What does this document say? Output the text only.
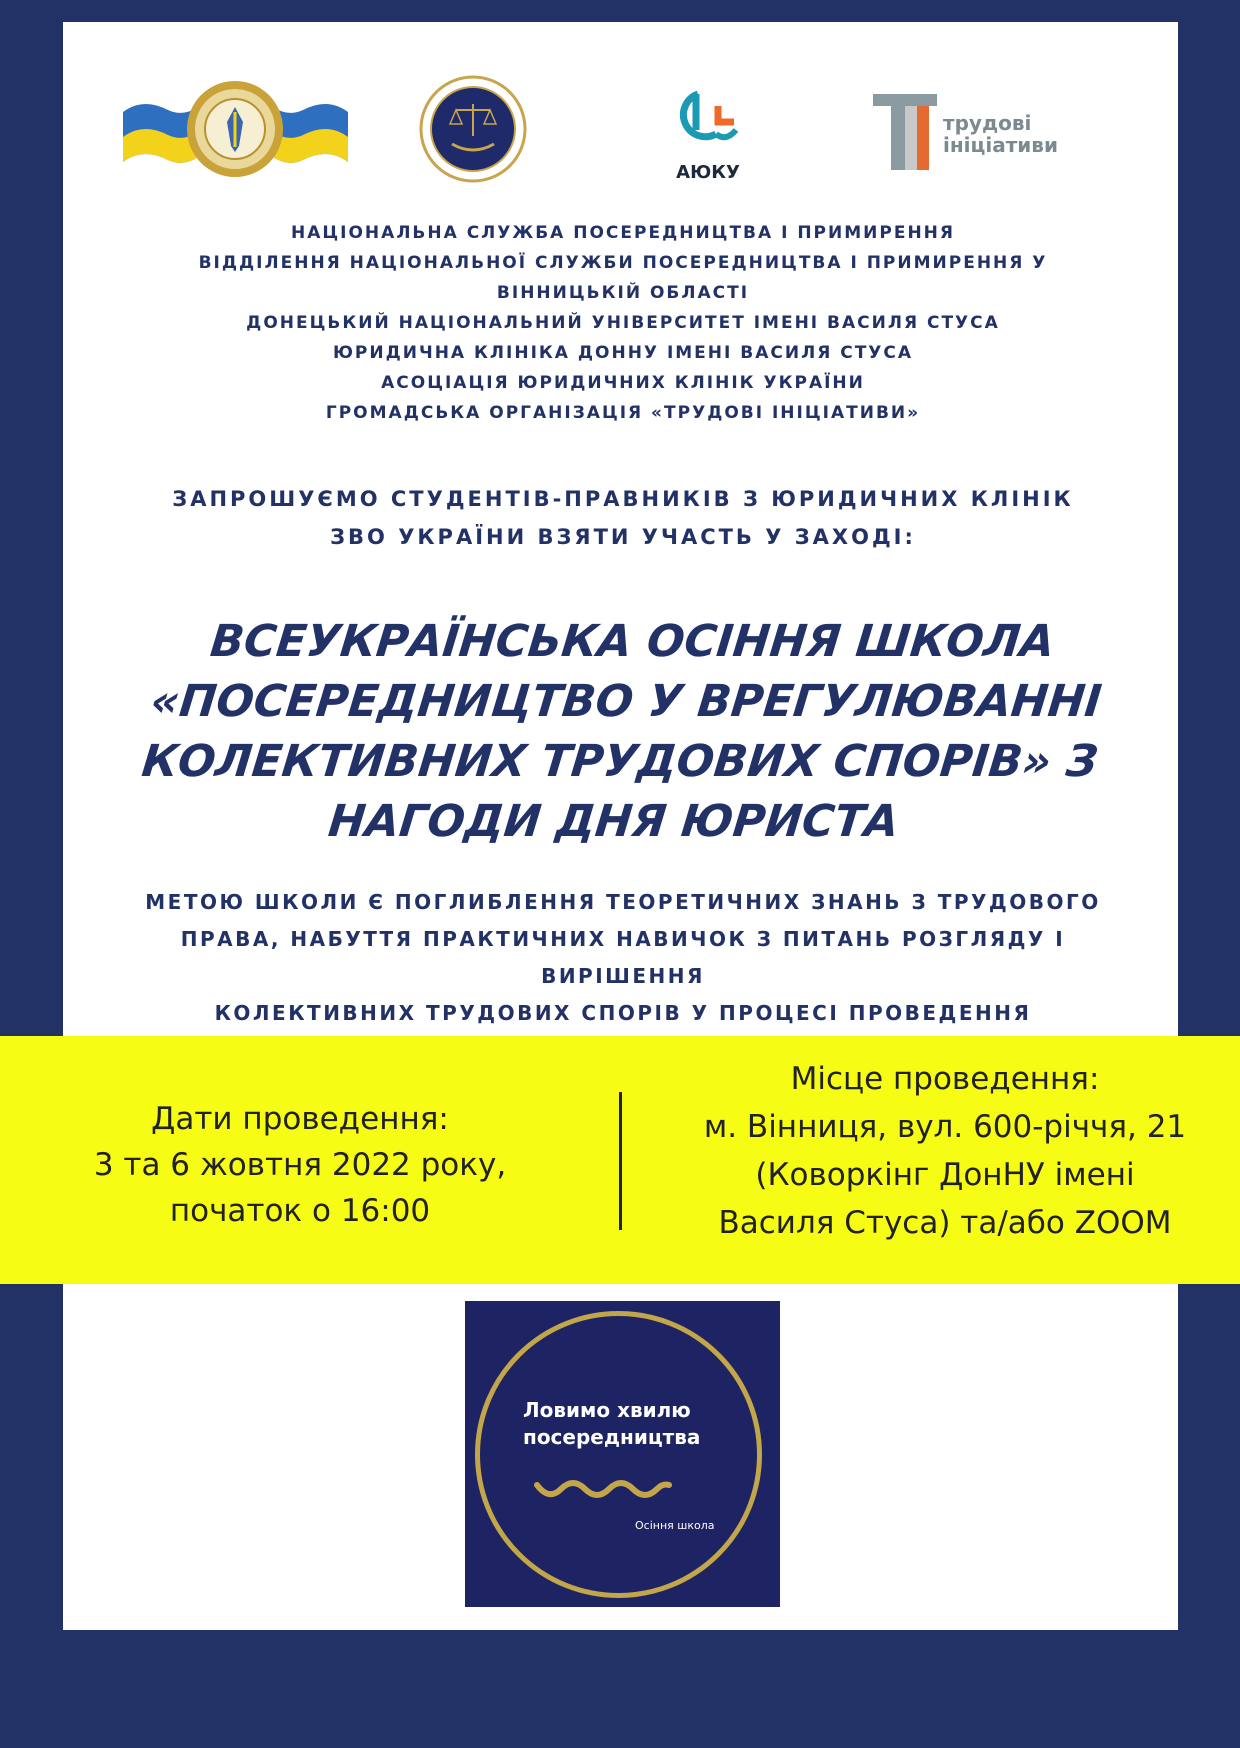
АЮКУ
трудові
ініціативи
НАЦІОНАЛЬНА СЛУЖБА ПОСЕРЕДНИЦТВА І ПРИМИРЕННЯ
ВІДДІЛЕННЯ НАЦІОНАЛЬНОЇ СЛУЖБИ ПОСЕРЕДНИЦТВА І ПРИМИРЕННЯ У
ВІННИЦЬКІЙ ОБЛАСТІ
ДОНЕЦЬКИЙ НАЦІОНАЛЬНИЙ УНІВЕРСИТЕТ ІМЕНІ ВАСИЛЯ СТУСА
ЮРИДИЧНА КЛІНІКА ДОННУ ІМЕНІ ВАСИЛЯ СТУСА
АСОЦІАЦІЯ ЮРИДИЧНИХ КЛІНІК УКРАЇНИ
ГРОМАДСЬКА ОРГАНІЗАЦІЯ «ТРУДОВІ ІНІЦІАТИВИ»
ЗАПРОШУЄМО СТУДЕНТІВ-ПРАВНИКІВ З ЮРИДИЧНИХ КЛІНІК
ЗВО УКРАЇНИ ВЗЯТИ УЧАСТЬ У ЗАХОДІ:
ВСЕУКРАЇНСЬКА ОСІННЯ ШКОЛА
«ПОСЕРЕДНИЦТВО У ВРЕГУЛЮВАННІ
КОЛЕКТИВНИХ ТРУДОВИХ СПОРІВ» З
НАГОДИ ДНЯ ЮРИСТА
МЕТОЮ ШКОЛИ Є ПОГЛИБЛЕННЯ ТЕОРЕТИЧНИХ ЗНАНЬ З ТРУДОВОГО
ПРАВА, НАБУТТЯ ПРАКТИЧНИХ НАВИЧОК З ПИТАНЬ РОЗГЛЯДУ І ВИРІШЕННЯ
КОЛЕКТИВНИХ ТРУДОВИХ СПОРІВ У ПРОЦЕСІ ПРОВЕДЕННЯ
Дати проведення:
3 та 6 жовтня 2022 року,
початок о 16:00
Місце проведення:
м. Вінниця, вул. 600-річчя, 21
(Коворкінг ДонНУ імені
Василя Стуса) та/або ZOOM
Ловимо хвилю
посередництва
Осіння школа
